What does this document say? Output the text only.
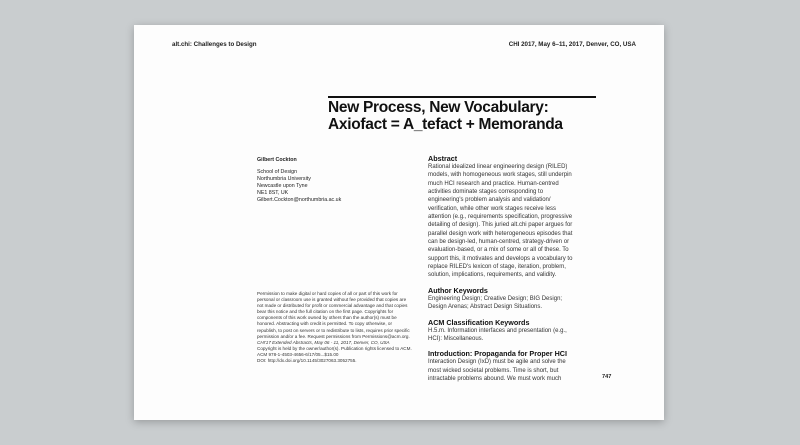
alt.chi: Challenges to Design	CHI 2017, May 6–11, 2017, Denver, CO, USA
New Process, New Vocabulary:
Axiofact = A_tefact + Memoranda
Gilbert Cockton
School of Design
Northumbria University
Newcastle upon Tyne
NE1 8ST, UK
Gilbert.Cockton@northumbria.ac.uk
Permission to make digital or hard copies of all or part of this work for
personal or classroom use is granted without fee provided that copies are
not made or distributed for profit or commercial advantage and that copies
bear this notice and the full citation on the first page. Copyrights for
components of this work owned by others than the author(s) must be
honored. Abstracting with credit is permitted. To copy otherwise, or
republish, to post on servers or to redistribute to lists, requires prior specific
permission and/or a fee. Request permissions from Permissions@acm.org.
CHI'17 Extended Abstracts, May 06 - 11, 2017, Denver, CO, USA
Copyright is held by the owner/author(s). Publication rights licensed to ACM.
ACM 978-1-4503-4656-6/17/05...$15.00
DOI: http://dx.doi.org/10.1145/3027063.3052755.
Abstract
Rational idealized linear engineering design (RILED)
models, with homogeneous work stages, still underpin
much HCI research and practice. Human-centred
activities dominate stages corresponding to
engineering's problem analysis and validation/
verification, while other work stages receive less
attention (e.g., requirements specification, progressive
detailing of design). This juried alt.chi paper argues for
parallel design work with heterogeneous episodes that
can be design-led, human-centred, strategy-driven or
evaluation-based, or a mix of some or all of these. To
support this, it motivates and develops a vocabulary to
replace RILED's lexicon of stage, iteration, problem,
solution, implications, requirements, and validity.
Author Keywords
Engineering Design; Creative Design; BIG Design;
Design Arenas; Abstract Design Situations.
ACM Classification Keywords
H.5.m. Information interfaces and presentation (e.g.,
HCI): Miscellaneous.
Introduction: Propaganda for Proper HCI
Interaction Design (IxD) must be agile and solve the
most wicked societal problems. Time is short, but
intractable problems abound. We must work much	747
